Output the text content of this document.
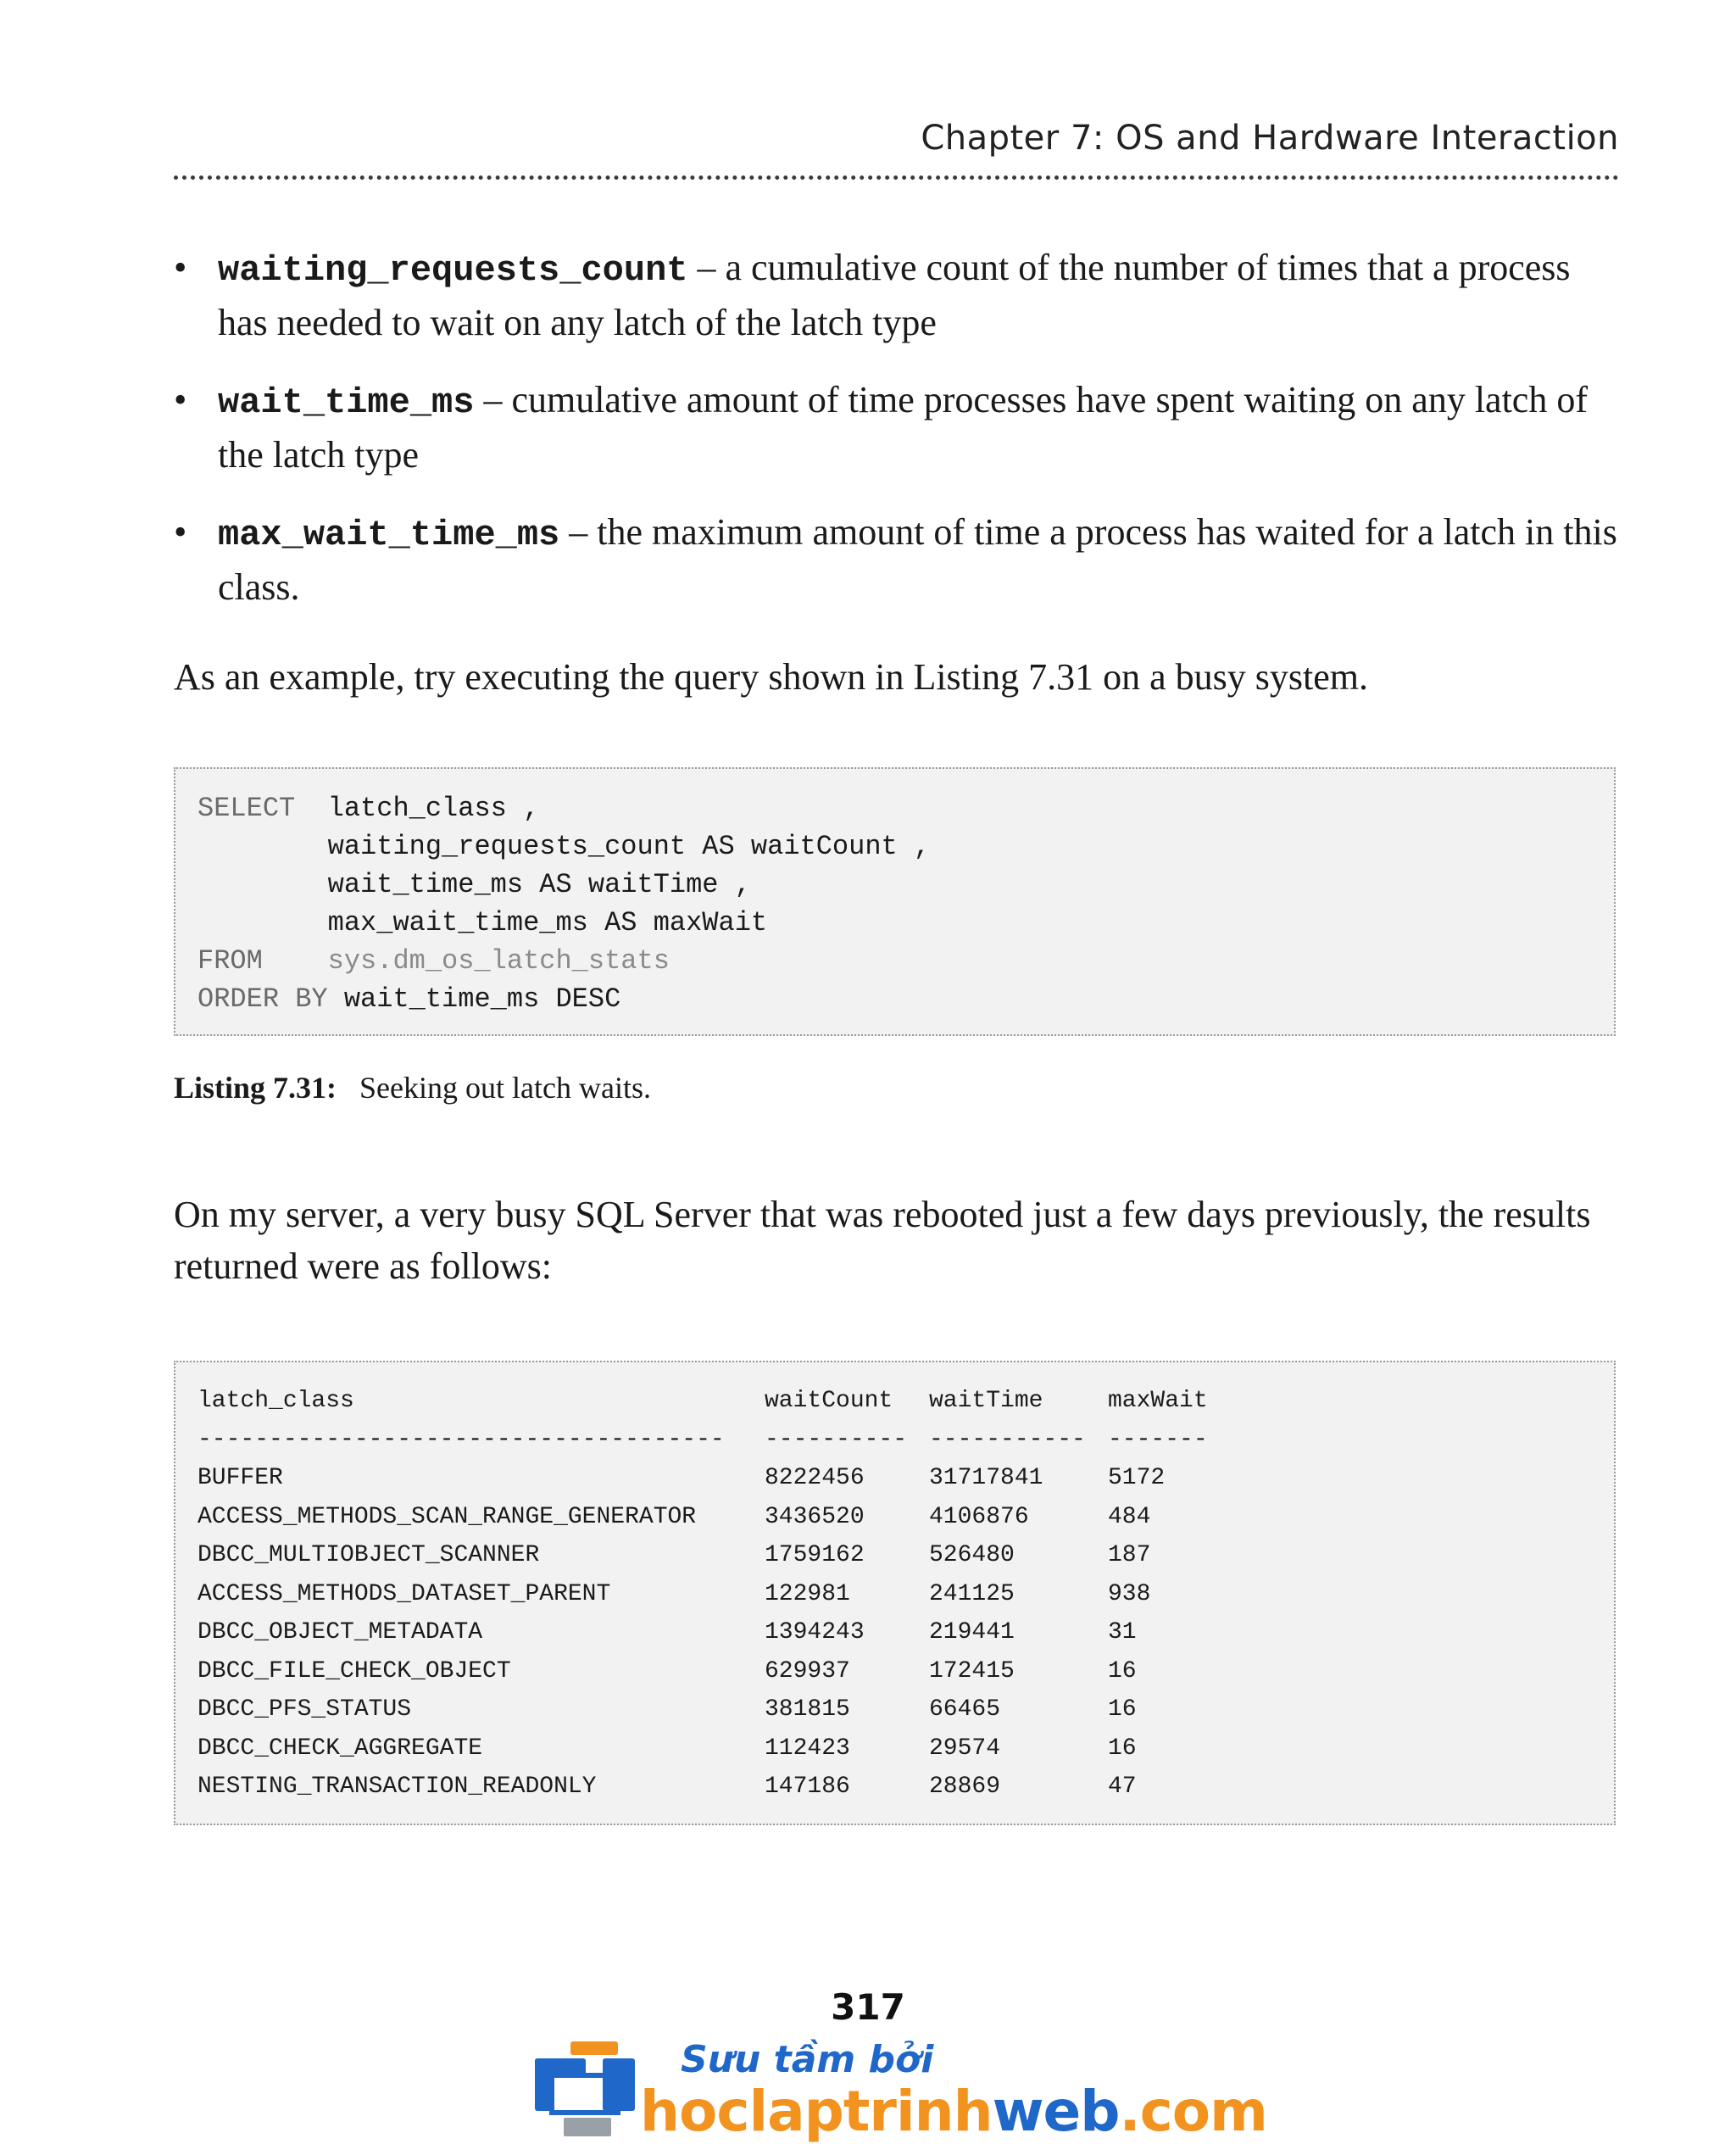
Chapter 7: OS and Hardware Interaction
• waiting_requests_count – a cumulative count of the number of times that a process has needed to wait on any latch of the latch type
• wait_time_ms – cumulative amount of time processes have spent waiting on any latch of the latch type
• max_wait_time_ms – the maximum amount of time a process has waited for a latch in this class.

As an example, try executing the query shown in Listing 7.31 on a busy system.

SELECT latch_class ,
waiting_requests_count AS waitCount ,
wait_time_ms AS waitTime ,
max_wait_time_ms AS maxWait
FROM sys.dm_os_latch_stats
ORDER BY wait_time_ms DESC
Listing 7.31: Seeking out latch waits.

On my server, a very busy SQL Server that was rebooted just a few days previously, the results returned were as follows:

latch_class	waitCount waitTime	maxWait
------------------------------------- ---------- ----------- -------
BUFFER	8222456	31717841	5172
ACCESS_METHODS_SCAN_RANGE_GENERATOR	3436520	4106876	484
DBCC_MULTIOBJECT_SCANNER	1759162	526480	187
ACCESS_METHODS_DATASET_PARENT	122981	241125	938
DBCC_OBJECT_METADATA	1394243	219441	31
DBCC_FILE_CHECK_OBJECT	629937	172415	16
DBCC_PFS_STATUS	381815	66465	16
DBCC_CHECK_AGGREGATE	112423	29574	16
NESTING_TRANSACTION_READONLY	147186	28869	47
317
Sưu tầm bởi
hoclaptrinhweb.com
